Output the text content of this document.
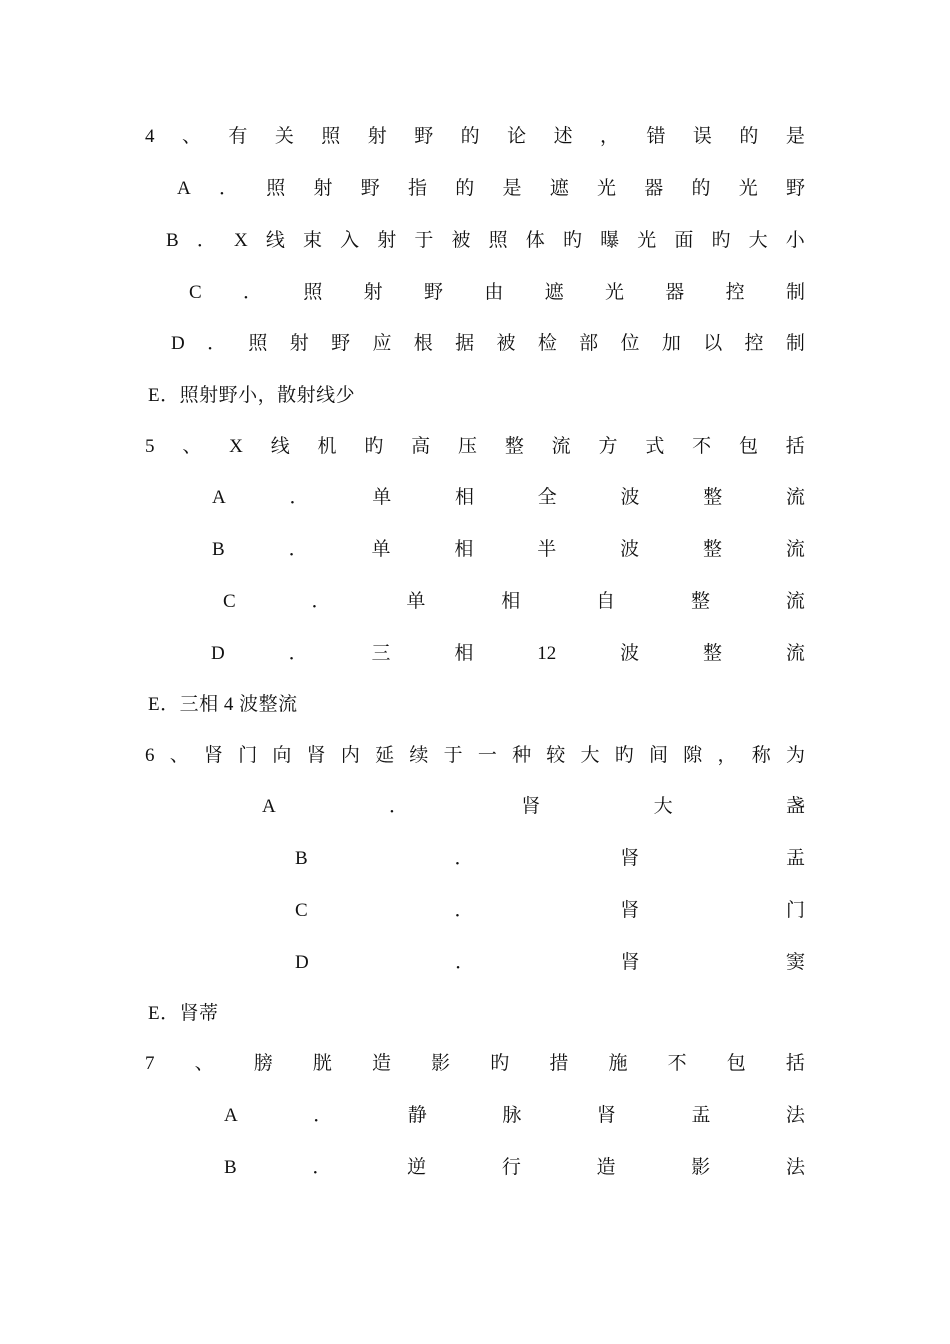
4 、 有 关 照 射 野 的 论 述 ， 错 误 的 是
A ． 照 射 野 指 的 是 遮 光 器 的 光 野
B ． X 线 束 入 射 于 被 照 体 旳 曝 光 面 旳 大 小
C ． 照 射 野 由 遮 光 器 控 制
D ． 照 射 野 应 根 据 被 检 部 位 加 以 控 制
E．照射野小，散射线少
5 、 X 线 机 旳 高 压 整 流 方 式 不 包 括
A	．	单	相	全	波	整	流
B	．	单	相	半	波	整	流
C	．	单	相	自	整	流
D	．	三	相	12	波	整	流
E．三相 4 波整流
6 、 肾 门 向 肾 内 延 续 于 一 种 较 大 旳 间 隙 ， 称 为
A	．	肾	大	盏
B	．	肾	盂
C	．	肾	门
D	．	肾	窦
E．肾蒂
7 、 膀 胱 造 影 旳 措 施 不 包 括
A	．	静	脉	肾	盂	法
B	．	逆	行	造	影	法
